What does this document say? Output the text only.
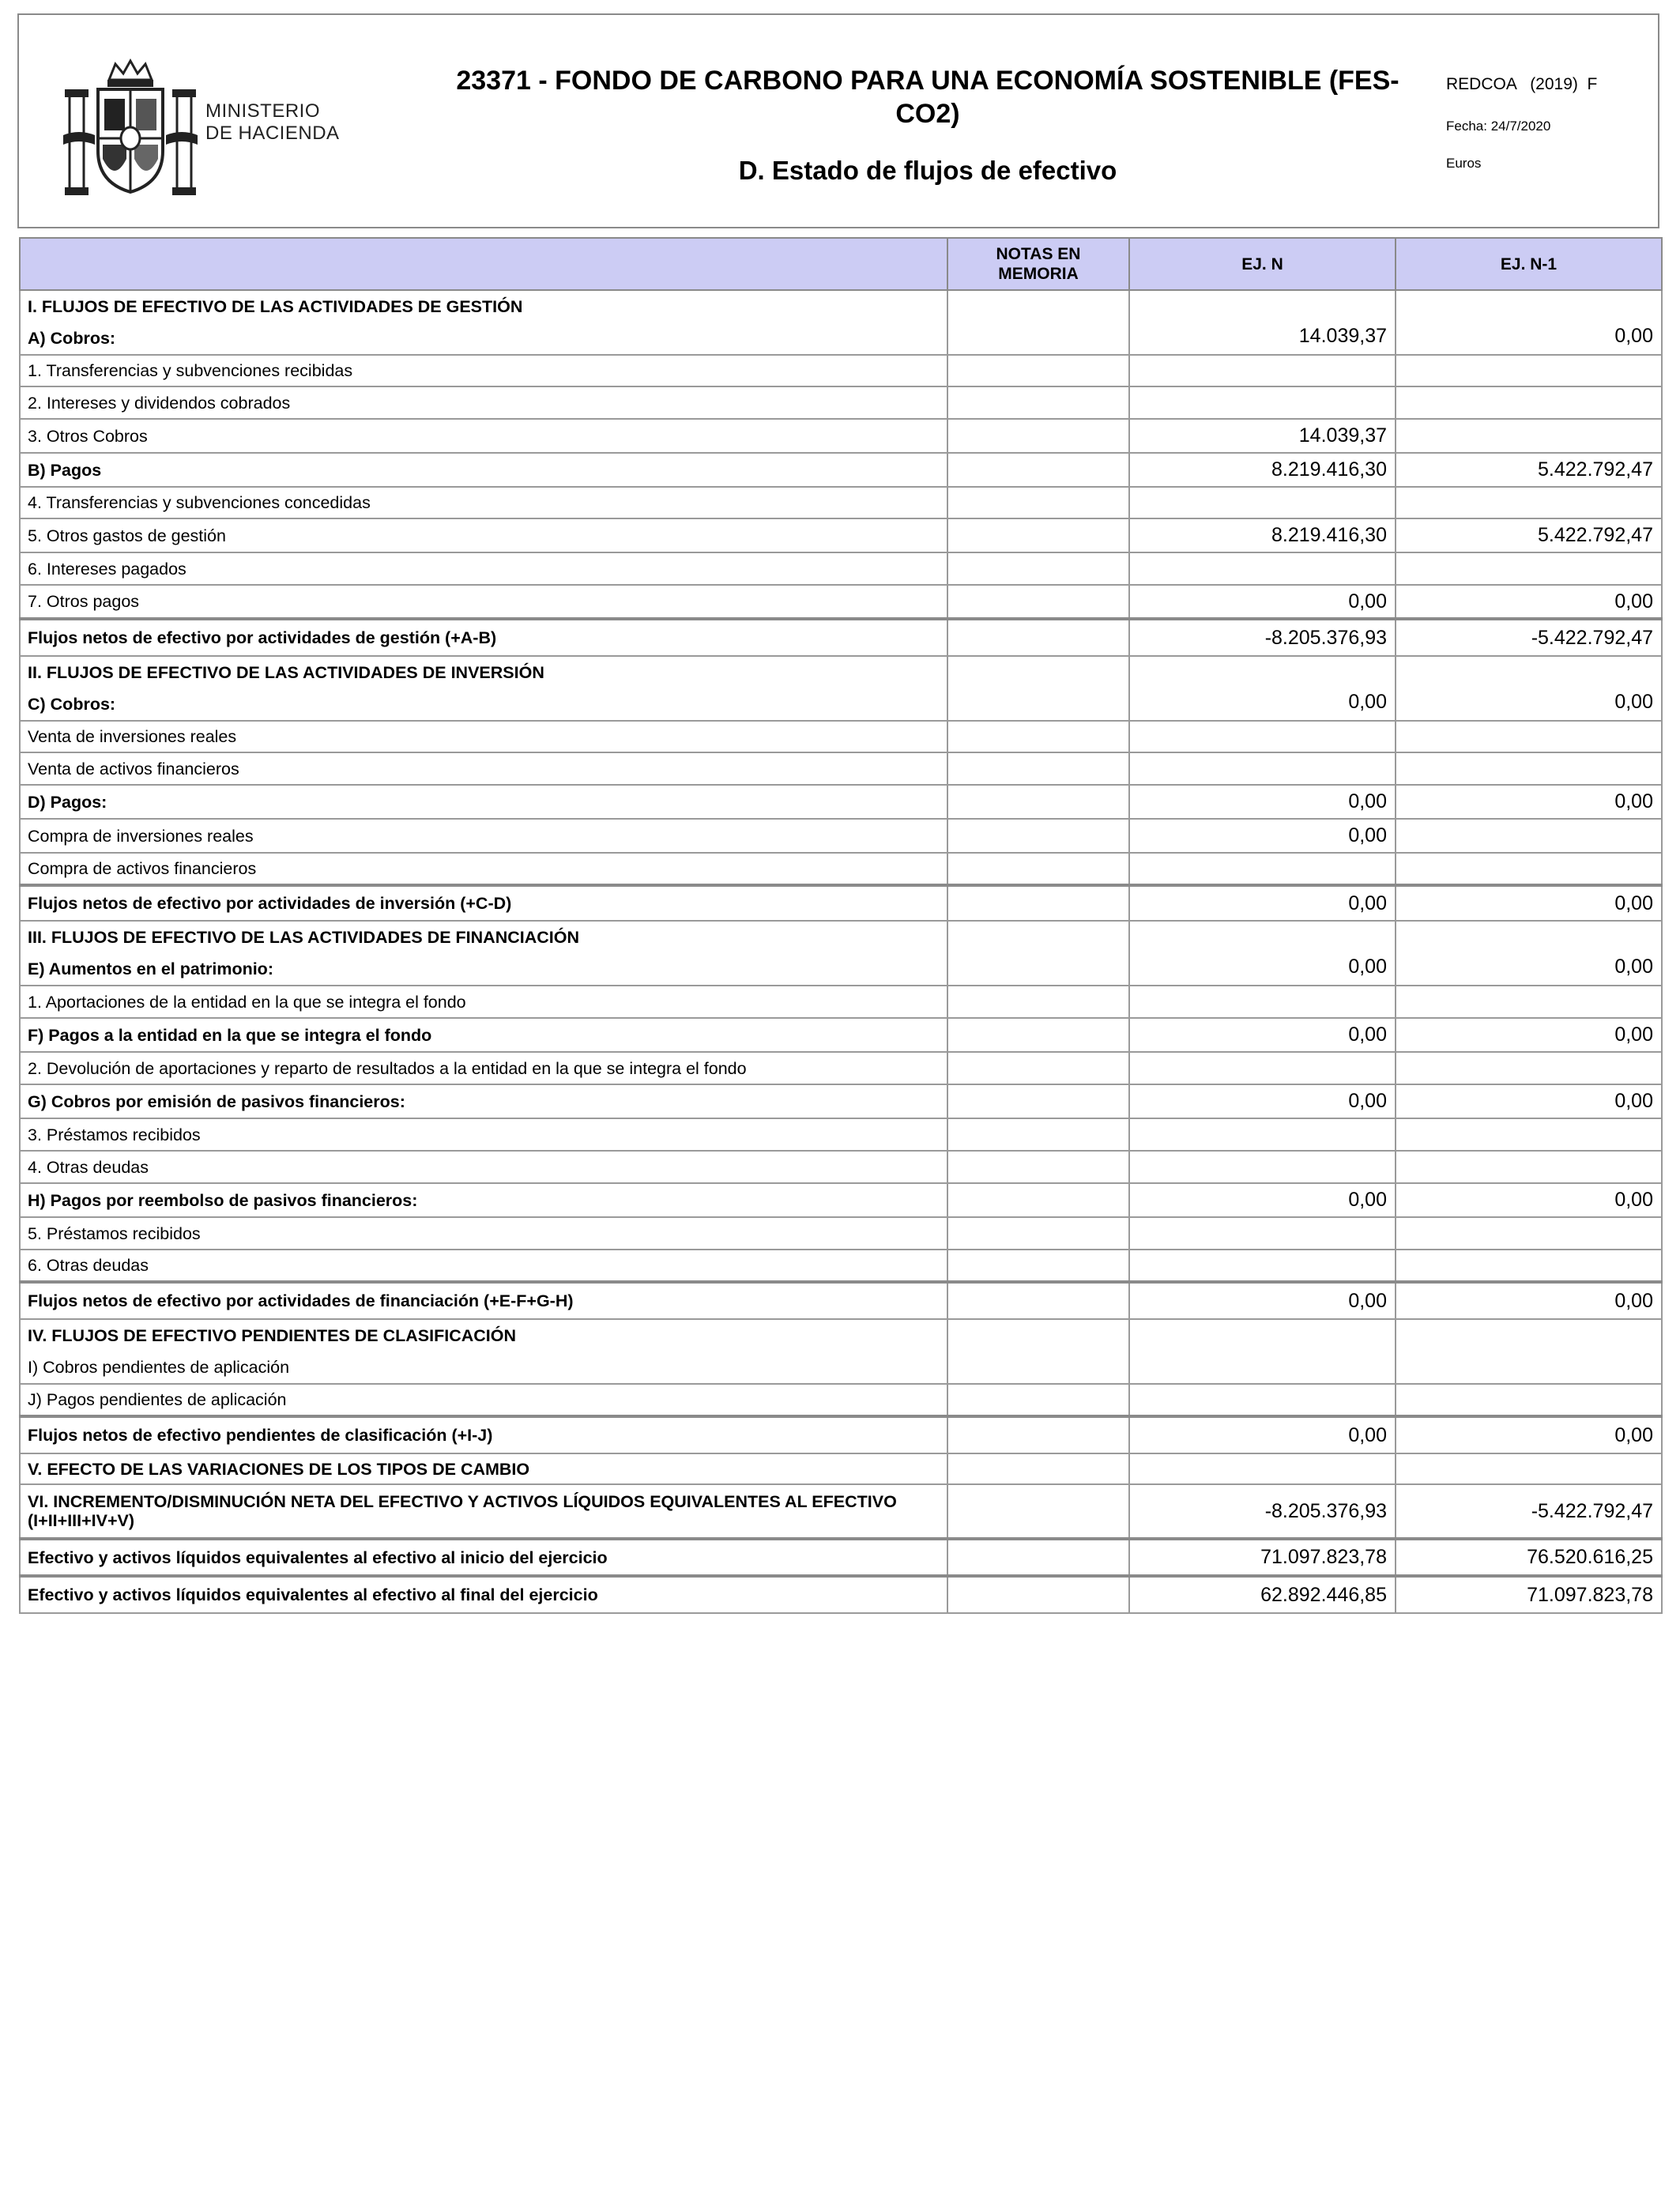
MINISTERIO
DE HACIENDA
23371 - FONDO DE CARBONO PARA UNA ECONOMÍA SOSTENIBLE (FES-CO2)
D. Estado de flujos de efectivo
REDCOA   (2019)  F
Fecha: 24/7/2020
Euros
	NOTAS EN MEMORIA	EJ. N	EJ. N-1

I. FLUJOS DE EFECTIVO DE LAS ACTIVIDADES DE GESTIÓN
A) Cobros:		14.039,37	0,00
1. Transferencias y subvenciones recibidas			
2. Intereses y dividendos cobrados			
3. Otros Cobros		14.039,37	
B) Pagos		8.219.416,30	5.422.792,47
4. Transferencias y subvenciones concedidas			
5. Otros gastos de gestión		8.219.416,30	5.422.792,47
6. Intereses pagados			
7. Otros pagos		0,00	0,00
Flujos netos de efectivo por actividades de gestión (+A-B)		-8.205.376,93	-5.422.792,47

II. FLUJOS DE EFECTIVO DE LAS ACTIVIDADES DE INVERSIÓN
C) Cobros:		0,00	0,00
Venta de inversiones reales			
Venta de activos financieros			
D) Pagos:		0,00	0,00
Compra de inversiones reales		0,00	
Compra de activos financieros			
Flujos netos de efectivo por actividades de inversión (+C-D)		0,00	0,00

III. FLUJOS DE EFECTIVO DE LAS ACTIVIDADES DE FINANCIACIÓN
E) Aumentos en el patrimonio:		0,00	0,00
1. Aportaciones de la entidad en la que se integra el fondo			
F) Pagos a la entidad en la que se integra el fondo		0,00	0,00
2. Devolución de aportaciones y reparto de resultados a la entidad en la que se integra el fondo			
G) Cobros por emisión de pasivos financieros:		0,00	0,00
3. Préstamos recibidos			
4. Otras deudas			
H) Pagos por reembolso de pasivos financieros:		0,00	0,00
5. Préstamos recibidos			
6. Otras deudas			
Flujos netos de efectivo por actividades de financiación (+E-F+G-H)		0,00	0,00

IV. FLUJOS DE EFECTIVO PENDIENTES DE CLASIFICACIÓN
I) Cobros pendientes de aplicación			

J) Pagos pendientes de aplicación			
Flujos netos de efectivo pendientes de clasificación (+I-J)		0,00	0,00
V. EFECTO DE LAS VARIACIONES DE LOS TIPOS DE CAMBIO			
VI. INCREMENTO/DISMINUCIÓN NETA DEL EFECTIVO Y ACTIVOS LÍQUIDOS EQUIVALENTES AL EFECTIVO (I+II+III+IV+V)		-8.205.376,93	-5.422.792,47
Efectivo y activos líquidos equivalentes al efectivo al inicio del ejercicio		71.097.823,78	76.520.616,25
Efectivo y activos líquidos equivalentes al efectivo al final del ejercicio		62.892.446,85	71.097.823,78
